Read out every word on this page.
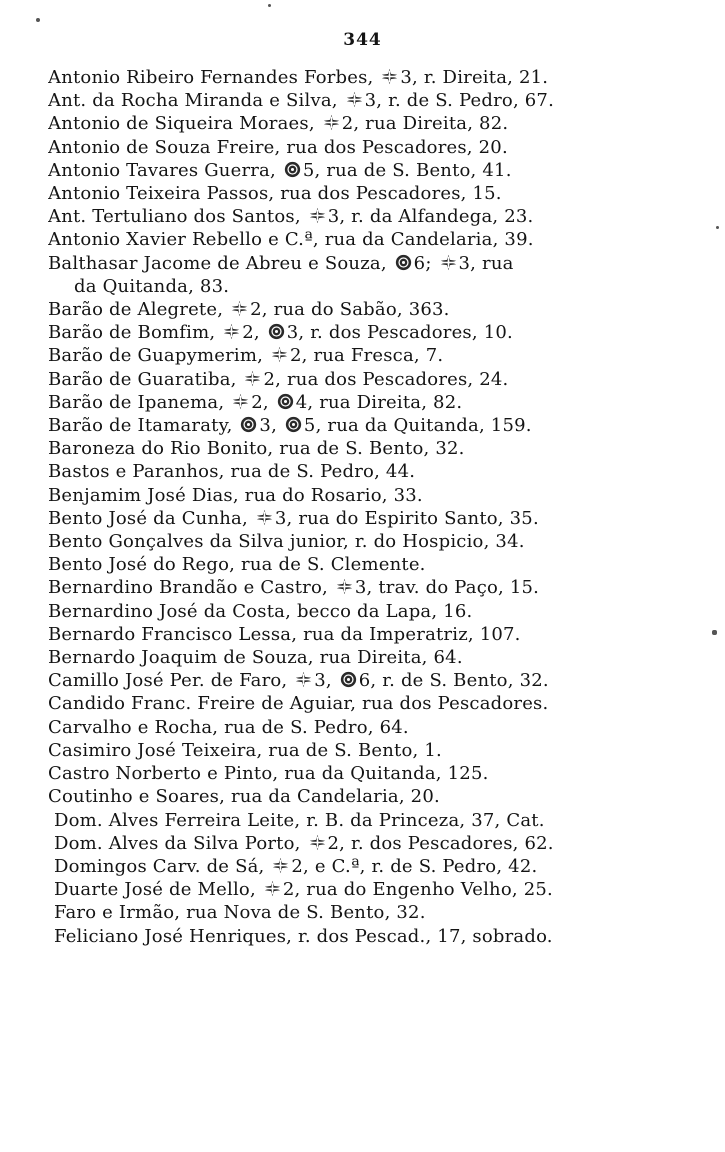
344
Antonio Ribeiro Fernandes Forbes, 3, r. Direita, 21.
Ant. da Rocha Miranda e Silva, 3, r. de S. Pedro, 67.
Antonio de Siqueira Moraes, 2, rua Direita, 82.
Antonio de Souza Freire, rua dos Pescadores, 20.
Antonio Tavares Guerra, 5, rua de S. Bento, 41.
Antonio Teixeira Passos, rua dos Pescadores, 15.
Ant. Tertuliano dos Santos, 3, r. da Alfandega, 23.
Antonio Xavier Rebello e C.ª, rua da Candelaria, 39.
Balthasar Jacome de Abreu e Souza, 6; 3, rua
da Quitanda, 83.
Barão de Alegrete, 2, rua do Sabão, 363.
Barão de Bomfim, 2, 3, r. dos Pescadores, 10.
Barão de Guapymerim, 2, rua Fresca, 7.
Barão de Guaratiba, 2, rua dos Pescadores, 24.
Barão de Ipanema, 2, 4, rua Direita, 82.
Barão de Itamaraty, 3, 5, rua da Quitanda, 159.
Baroneza do Rio Bonito, rua de S. Bento, 32.
Bastos e Paranhos, rua de S. Pedro, 44.
Benjamim José Dias, rua do Rosario, 33.
Bento José da Cunha, 3, rua do Espirito Santo, 35.
Bento Gonçalves da Silva junior, r. do Hospicio, 34.
Bento José do Rego, rua de S. Clemente.
Bernardino Brandão e Castro, 3, trav. do Paço, 15.
Bernardino José da Costa, becco da Lapa, 16.
Bernardo Francisco Lessa, rua da Imperatriz, 107.
Bernardo Joaquim de Souza, rua Direita, 64.
Camillo José Per. de Faro, 3, 6, r. de S. Bento, 32.
Candido Franc. Freire de Aguiar, rua dos Pescadores.
Carvalho e Rocha, rua de S. Pedro, 64.
Casimiro José Teixeira, rua de S. Bento, 1.
Castro Norberto e Pinto, rua da Quitanda, 125.
Coutinho e Soares, rua da Candelaria, 20.
Dom. Alves Ferreira Leite, r. B. da Princeza, 37, Cat.
Dom. Alves da Silva Porto, 2, r. dos Pescadores, 62.
Domingos Carv. de Sá, 2, e C.ª, r. de S. Pedro, 42.
Duarte José de Mello, 2, rua do Engenho Velho, 25.
Faro e Irmão, rua Nova de S. Bento, 32.
Feliciano José Henriques, r. dos Pescad., 17, sobrado.
